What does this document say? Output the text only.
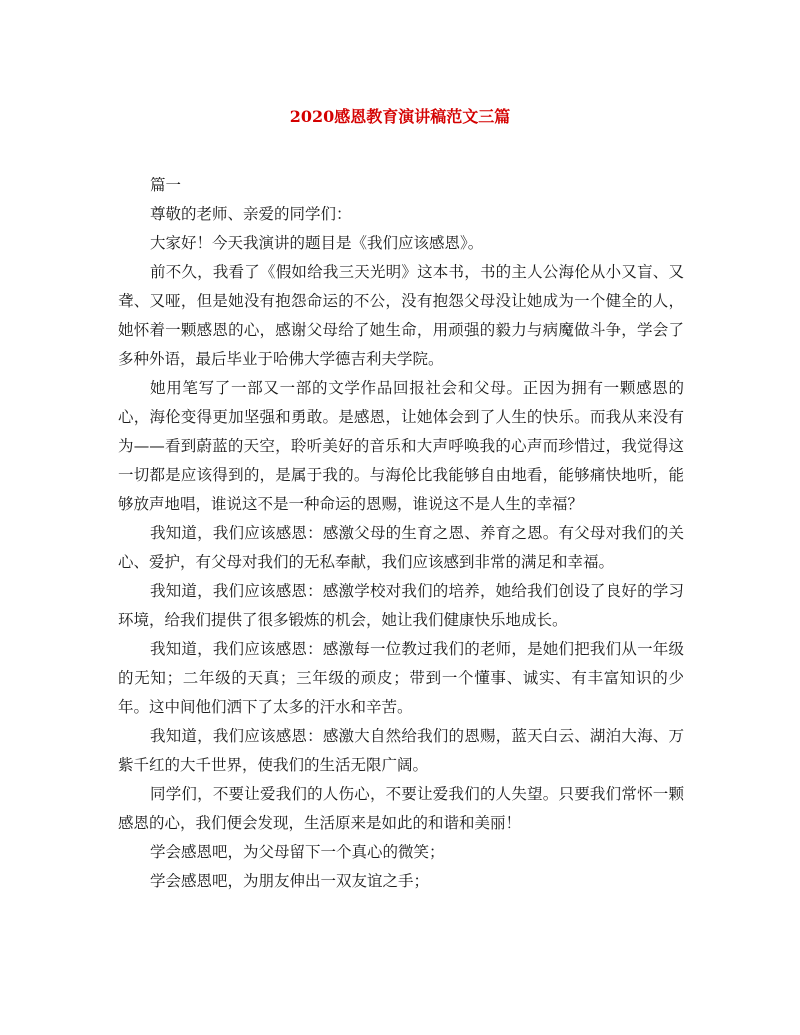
2020感恩教育演讲稿范文三篇

篇一

尊敬的老师、亲爱的同学们：

大家好！今天我演讲的题目是《我们应该感恩》。

前不久，我看了《假如给我三天光明》这本书，书的主人公海伦从小又盲、又聋、又哑，但是她没有抱怨命运的不公，没有抱怨父母没让她成为一个健全的人，她怀着一颗感恩的心，感谢父母给了她生命，用顽强的毅力与病魔做斗争，学会了多种外语，最后毕业于哈佛大学德吉利夫学院。

她用笔写了一部又一部的文学作品回报社会和父母。正因为拥有一颗感恩的心，海伦变得更加坚强和勇敢。是感恩，让她体会到了人生的快乐。而我从来没有为——看到蔚蓝的天空，聆听美好的音乐和大声呼唤我的心声而珍惜过，我觉得这一切都是应该得到的，是属于我的。与海伦比我能够自由地看，能够痛快地听，能够放声地唱，谁说这不是一种命运的恩赐，谁说这不是人生的幸福？

我知道，我们应该感恩：感激父母的生育之恩、养育之恩。有父母对我们的关心、爱护，有父母对我们的无私奉献，我们应该感到非常的满足和幸福。

我知道，我们应该感恩：感激学校对我们的培养，她给我们创设了良好的学习环境，给我们提供了很多锻炼的机会，她让我们健康快乐地成长。

我知道，我们应该感恩：感激每一位教过我们的老师，是她们把我们从一年级的无知；二年级的天真；三年级的顽皮；带到一个懂事、诚实、有丰富知识的少年。这中间他们洒下了太多的汗水和辛苦。

我知道，我们应该感恩：感激大自然给我们的恩赐，蓝天白云、湖泊大海、万紫千红的大千世界，使我们的生活无限广阔。

同学们，不要让爱我们的人伤心，不要让爱我们的人失望。只要我们常怀一颗感恩的心，我们便会发现，生活原来是如此的和谐和美丽！

学会感恩吧，为父母留下一个真心的微笑；

学会感恩吧，为朋友伸出一双友谊之手；
